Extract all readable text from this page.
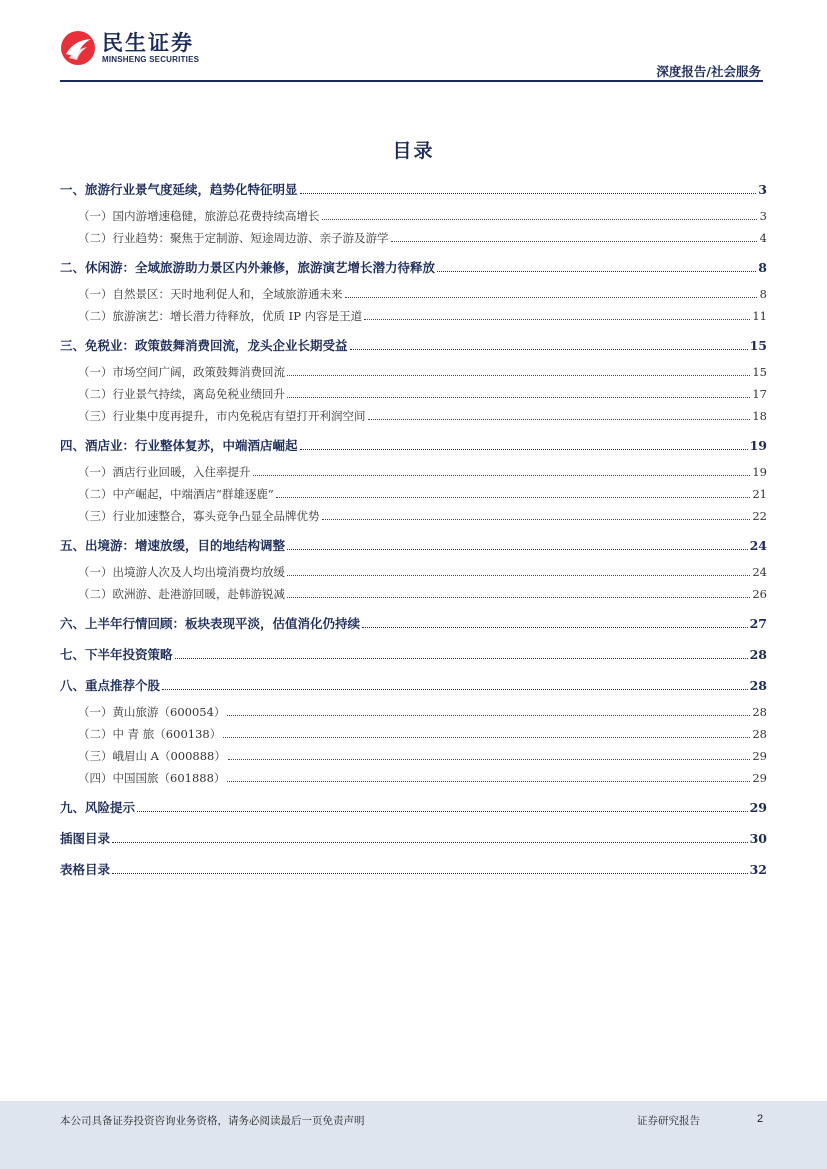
民生证券
MINSHENG SECURITIES
深度报告/社会服务
目录
一、旅游行业景气度延续，趋势化特征明显	3
（一）国内游增速稳健，旅游总花费持续高增长	3
（二）行业趋势：聚焦于定制游、短途周边游、亲子游及游学	4
二、休闲游：全域旅游助力景区内外兼修，旅游演艺增长潜力待释放	8
（一）自然景区：天时地利促人和，全域旅游通未来	8
（二）旅游演艺：增长潜力待释放，优质 IP 内容是王道	11
三、免税业：政策鼓舞消费回流，龙头企业长期受益	15
（一）市场空间广阔，政策鼓舞消费回流	15
（二）行业景气持续，离岛免税业绩回升	17
（三）行业集中度再提升，市内免税店有望打开利润空间	18
四、酒店业：行业整体复苏，中端酒店崛起	19
（一）酒店行业回暖，入住率提升	19
（二）中产崛起，中端酒店“群雄逐鹿”	21
（三）行业加速整合，寡头竞争凸显全品牌优势	22
五、出境游：增速放缓，目的地结构调整	24
（一）出境游人次及人均出境消费均放缓	24
（二）欧洲游、赴港游回暖，赴韩游锐减	26
六、上半年行情回顾：板块表现平淡，估值消化仍持续	27
七、下半年投资策略	28
八、重点推荐个股	28
（一）黄山旅游（600054）	28
（二）中 青 旅（600138）	28
（三）峨眉山 A（000888）	29
（四）中国国旅（601888）	29
九、风险提示	29
插图目录	30
表格目录	32
本公司具备证券投资咨询业务资格，请务必阅读最后一页免责声明	证券研究报告	2
